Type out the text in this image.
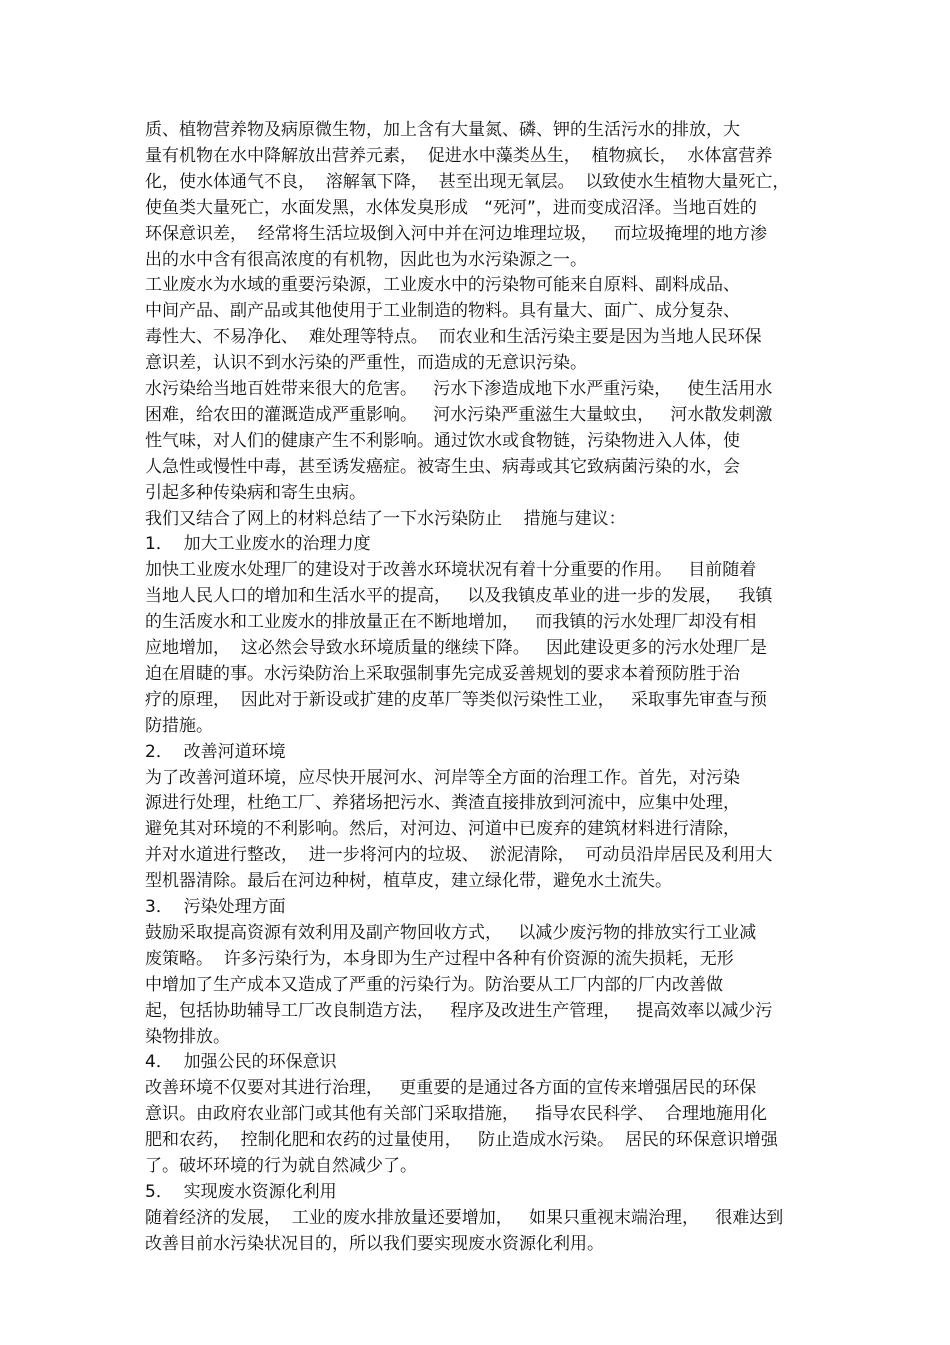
质、植物营养物及病原微生物，加上含有大量氮、磷、钾的生活污水的排放，大
量有机物在水中降解放出营养元素，  促进水中藻类丛生，  植物疯长，  水体富营养
化，使水体通气不良，  溶解氧下降，  甚至出现无氧层。  以致使水生植物大量死亡，
使鱼类大量死亡，水面发黑，水体发臭形成   “死河”，进而变成沼泽。当地百姓的
环保意识差，  经常将生活垃圾倒入河中并在河边堆理垃圾，   而垃圾掩埋的地方渗
出的水中含有很高浓度的有机物，因此也为水污染源之一。
工业废水为水域的重要污染源，工业废水中的污染物可能来自原料、副料成品、
中间产品、副产品或其他使用于工业制造的物料。具有量大、面广、成分复杂、
毒性大、不易净化、  难处理等特点。  而农业和生活污染主要是因为当地人民环保
意识差，认识不到水污染的严重性，而造成的无意识污染。
水污染给当地百姓带来很大的危害。   污水下渗造成地下水严重污染，   使生活用水
困难，给农田的灌溉造成严重影响。   河水污染严重滋生大量蚊虫，   河水散发刺激
性气味，对人们的健康产生不利影响。通过饮水或食物链，污染物进入人体，使
人急性或慢性中毒，甚至诱发癌症。被寄生虫、病毒或其它致病菌污染的水，会
引起多种传染病和寄生虫病。
我们又结合了网上的材料总结了一下水污染防止    措施与建议：
1．  加大工业废水的治理力度
加快工业废水处理厂的建设对于改善水环境状况有着十分重要的作用。   目前随着
当地人民人口的增加和生活水平的提高，   以及我镇皮革业的进一步的发展，   我镇
的生活废水和工业废水的排放量正在不断地增加，   而我镇的污水处理厂却没有相
应地增加，  这必然会导致水环境质量的继续下降。   因此建设更多的污水处理厂是
迫在眉睫的事。水污染防治上采取强制事先完成妥善规划的要求本着预防胜于治
疗的原理，  因此对于新设或扩建的皮革厂等类似污染性工业，   采取事先审查与预
防措施。
2．  改善河道环境
为了改善河道环境，应尽快开展河水、河岸等全方面的治理工作。首先，对污染
源进行处理，杜绝工厂、养猪场把污水、粪渣直接排放到河流中，应集中处理，
避免其对环境的不利影响。然后，对河边、河道中已废弃的建筑材料进行清除，
并对水道进行整改，  进一步将河内的垃圾、  淤泥清除，  可动员沿岸居民及利用大
型机器清除。最后在河边种树，植草皮，建立绿化带，避免水土流失。
3．  污染处理方面
鼓励采取提高资源有效利用及副产物回收方式，   以减少废污物的排放实行工业减
废策略。  许多污染行为，本身即为生产过程中各种有价资源的流失损耗，无形
中增加了生产成本又造成了严重的污染行为。防治要从工厂内部的厂内改善做
起，包括协助辅导工厂改良制造方法，   程序及改进生产管理，   提高效率以减少污
染物排放。
4．  加强公民的环保意识
改善环境不仅要对其进行治理，   更重要的是通过各方面的宣传来增强居民的环保
意识。由政府农业部门或其他有关部门采取措施，   指导农民科学、  合理地施用化
肥和农药，  控制化肥和农药的过量使用，   防止造成水污染。  居民的环保意识增强
了。破坏环境的行为就自然减少了。
5．  实现废水资源化利用
随着经济的发展，  工业的废水排放量还要增加，   如果只重视末端治理，   很难达到
改善目前水污染状况目的，所以我们要实现废水资源化利用。
